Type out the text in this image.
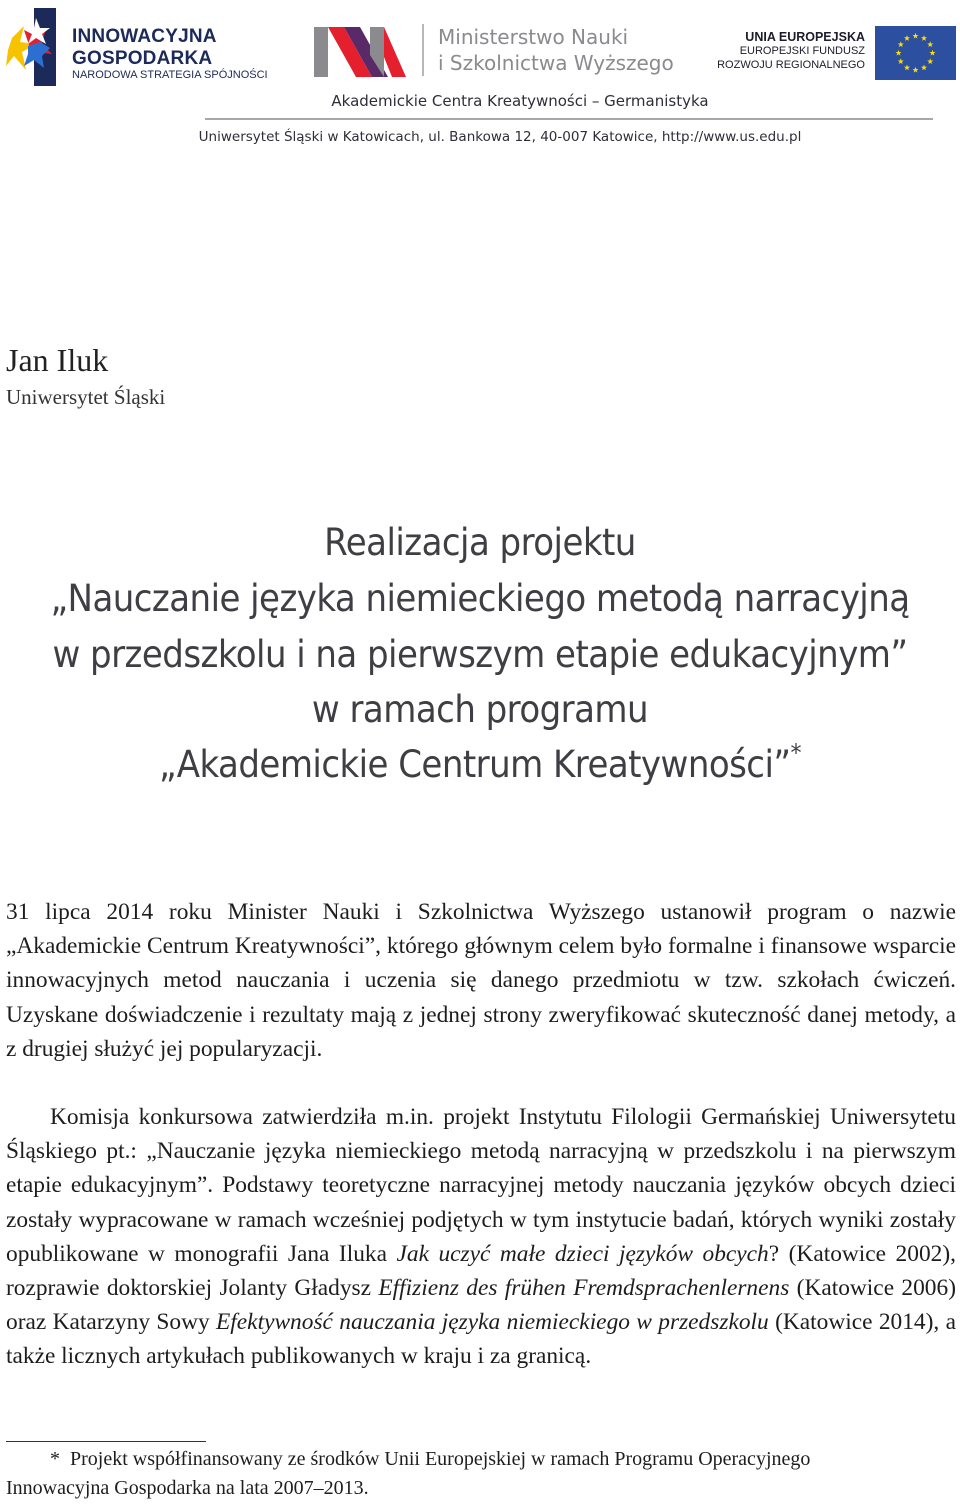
INNOWACYJNA
GOSPODARKA
NARODOWA STRATEGIA SPÓJNOŚCI
Ministerstwo Nauki
i Szkolnictwa Wyższego
UNIA EUROPEJSKA
EUROPEJSKI FUNDUSZ
ROZWOJU REGIONALNEGO
Akademickie Centra Kreatywności – Germanistyka
Uniwersytet Śląski w Katowicach, ul. Bankowa 12, 40-007 Katowice, http://www.us.edu.pl
Jan Iluk
Uniwersytet Śląski
Realizacja projektu
„Nauczanie języka niemieckiego metodą narracyjną
w przedszkolu i na pierwszym etapie edukacyjnym”
w ramach programu
„Akademickie Centrum Kreatywności”*
31 lipca 2014 roku Minister Nauki i Szkolnictwa Wyższego ustanowił program o nazwie „Akademickie Centrum Kreatywności”, którego głównym celem było formalne i finansowe wsparcie innowacyjnych metod nauczania i uczenia się danego przedmiotu w tzw. szkołach ćwiczeń. Uzyskane doświadczenie i rezultaty mają z jednej strony zweryfikować skuteczność danej metody, a z drugiej służyć jej popularyzacji.
Komisja konkursowa zatwierdziła m.in. projekt Instytutu Filologii Germańskiej Uniwersytetu Śląskiego pt.: „Nauczanie języka niemieckiego metodą narracyjną w przedszkolu i na pierwszym etapie edukacyjnym”. Podstawy teoretyczne narracyjnej metody nauczania języków obcych dzieci zostały wypracowane w ramach wcześniej podjętych w tym instytucie badań, których wyniki zostały opublikowane w monografii Jana Iluka Jak uczyć małe dzieci języków obcych? (Katowice 2002), rozprawie doktorskiej Jolanty Gładysz Effizienz des frühen Fremdsprachenlernens (Katowice 2006) oraz Katarzyny Sowy Efektywność nauczania języka niemieckiego w przedszkolu (Katowice 2014), a także licznych artykułach publikowanych w kraju i za granicą.
* Projekt współfinansowany ze środków Unii Europejskiej w ramach Programu Operacyjnego
Innowacyjna Gospodarka na lata 2007–2013.
